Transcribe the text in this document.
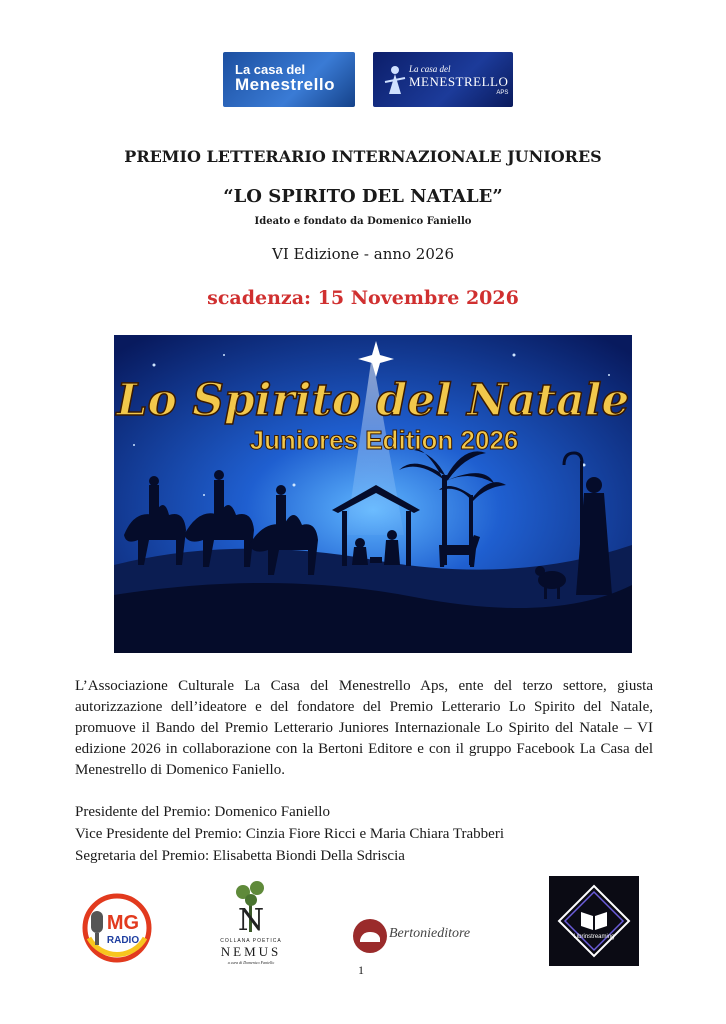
La casa del
Menestrello
La casa del
MENESTRELLO
APS
PREMIO LETTERARIO INTERNAZIONALE JUNIORES
“LO SPIRITO DEL NATALE”
Ideato e fondato da Domenico Faniello
VI Edizione - anno 2026
scadenza: 15 Novembre 2026
Lo Spirito del Natale
Juniores Edition 2026
L’Associazione Culturale La Casa del Menestrello Aps, ente del terzo settore, giusta autorizzazione dell’ideatore e del fondatore del Premio Letterario Lo Spirito del Natale, promuove il Bando del Premio Letterario Juniores Internazionale Lo Spirito del Natale – VI edizione 2026 in collaborazione con la Bertoni Editore e con il gruppo Facebook La Casa del Menestrello di Domenico Faniello.
Presidente del Premio: Domenico Faniello
Vice Presidente del Premio: Cinzia Fiore Ricci e Maria Chiara Trabberi
Segretaria del Premio: Elisabetta Biondi Della Sdriscia
MG
RADIO
N
COLLANA POETICA
NEMUS
a cura di Domenico Faniello
Bertonieditore	Librinstreaming
1
